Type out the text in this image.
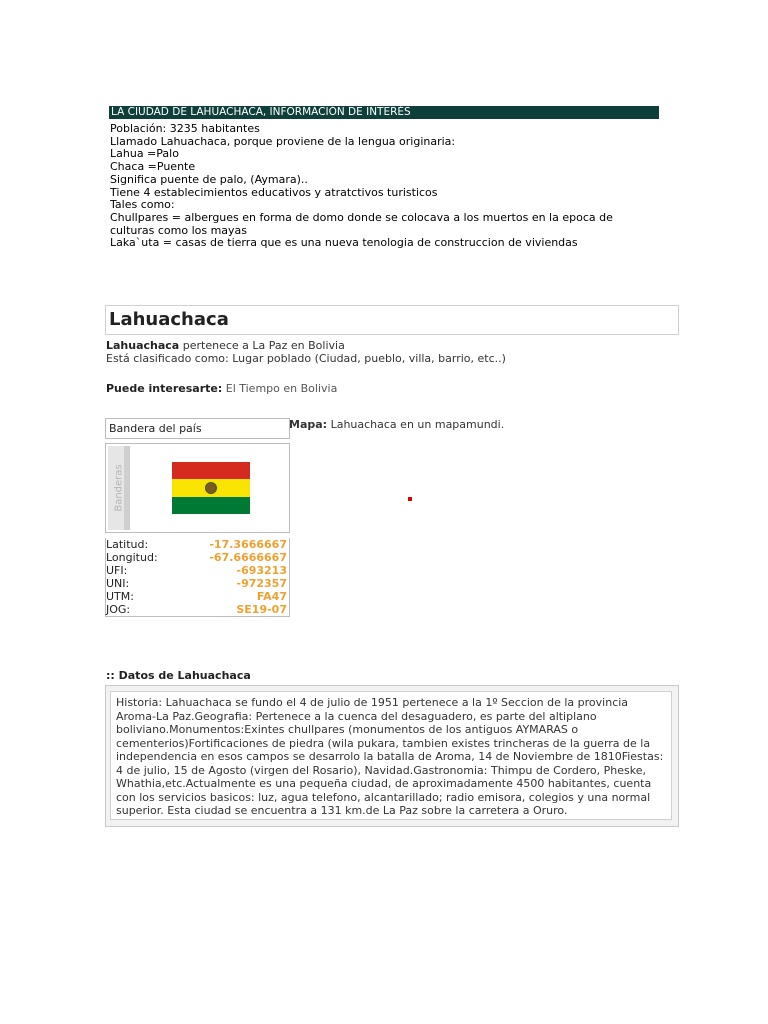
LA CIUDAD DE LAHUACHACA, INFORMACIÓN DE INTERÉS
Población: 3235 habitantes
Llamado Lahuachaca, porque proviene de la lengua originaria:
Lahua =Palo
Chaca =Puente
Significa puente de palo, (Aymara)..
Tiene 4 establecimientos educativos y atratctivos turisticos
Tales como:
Chullpares = albergues en forma de domo donde se colocava a los muertos en la epoca de
culturas como los mayas
Laka`uta = casas de tierra que es una nueva tenologia de construccion de viviendas
Lahuachaca
Lahuachaca pertenece a La Paz en Bolivia
Está clasificado como: Lugar poblado (Ciudad, pueblo, villa, barrio, etc..)
Puede interesarte: El Tiempo en Bolivia
Bandera del país
Banderas
Mapa: Lahuachaca en un mapamundi.
Latitud:	-17.3666667
Longitud:	-67.6666667
UFI:	-693213
UNI:	-972357
UTM:	FA47
JOG:	SE19-07
:: Datos de Lahuachaca
Historia: Lahuachaca se fundo el 4 de julio de 1951 pertenece a la 1º Seccion de la provincia
Aroma-La Paz.Geografia: Pertenece a la cuenca del desaguadero, es parte del altiplano
boliviano.Monumentos:Exintes chullpares (monumentos de los antiguos AYMARAS o
cementerios)Fortificaciones de piedra (wila pukara, tambien existes trincheras de la guerra de la
independencia en esos campos se desarrolo la batalla de Aroma, 14 de Noviembre de 1810Fiestas:
4 de julio, 15 de Agosto (virgen del Rosario), Navidad.Gastronomia: Thimpu de Cordero, Pheske,
Whathia,etc.Actualmente es una pequeña ciudad, de aproximadamente 4500 habitantes, cuenta
con los servicios basicos: luz, agua telefono, alcantarillado; radio emisora, colegios y una normal
superior. Esta ciudad se encuentra a 131 km.de La Paz sobre la carretera a Oruro.
